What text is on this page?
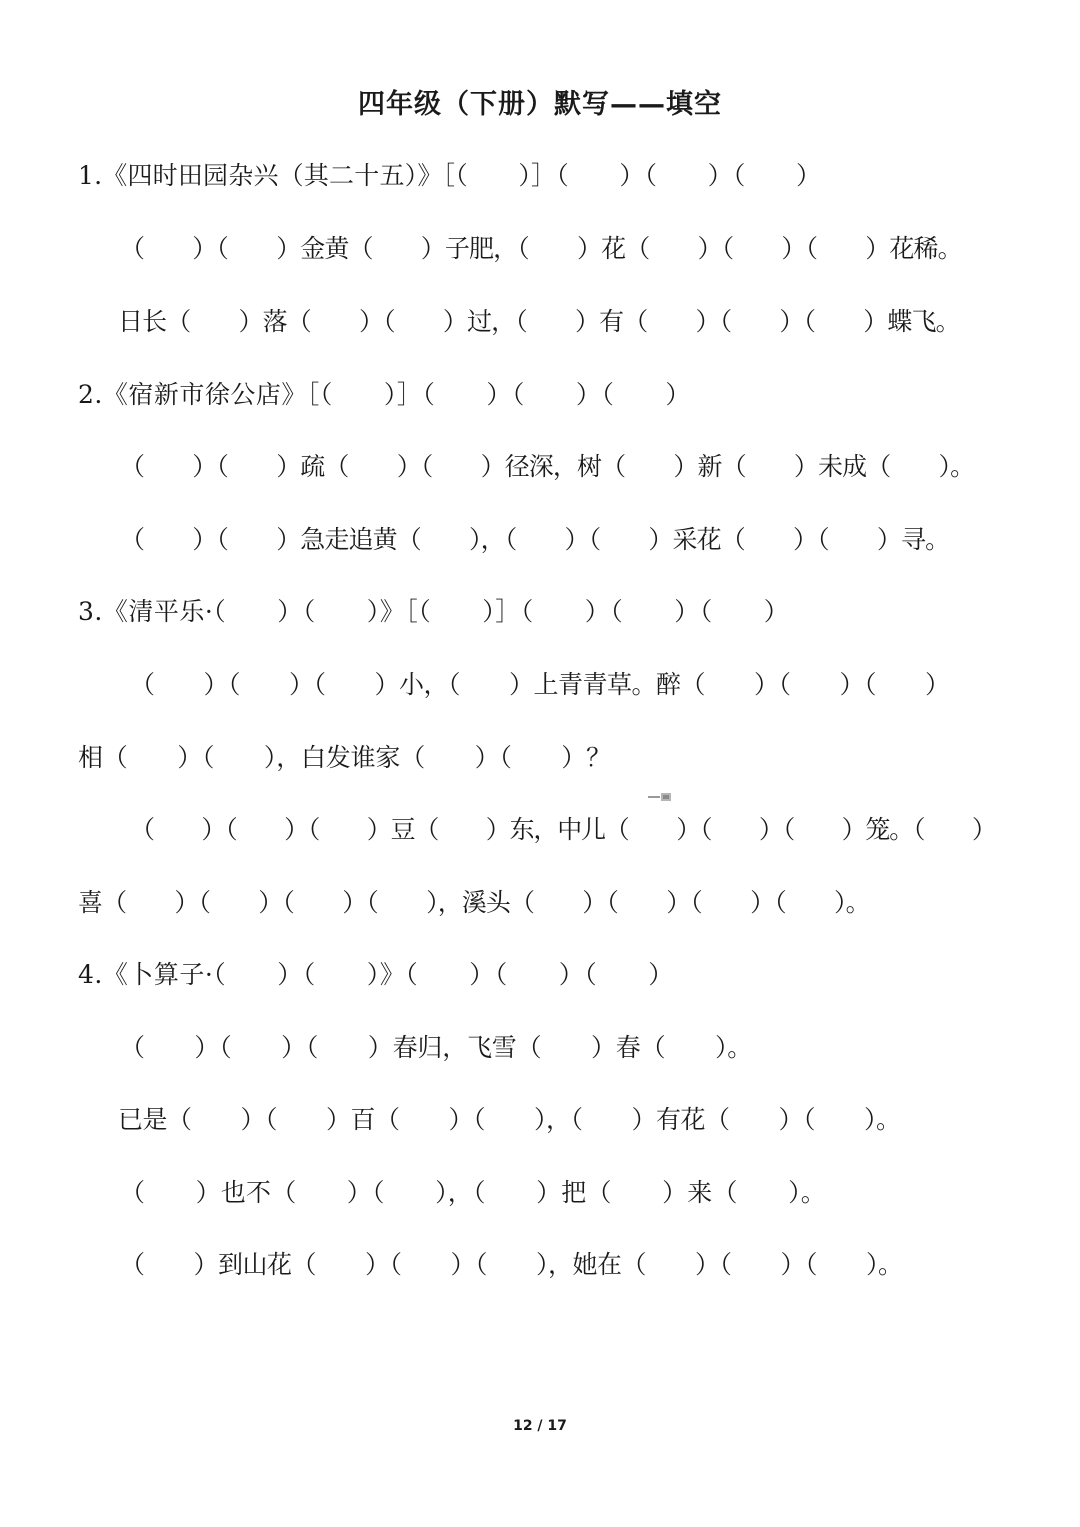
四年级（下册）默写——填空
1.《四时田园杂兴（其二十五）》［（　　）］（　　）（　　）（　　）
（　　）（　　）金黄（　　）子肥，（　　）花（　　）（　　）（　　）花稀。
日长（　　）落（　　）（　　）过，（　　）有（　　）（　　）（　　）蝶飞。
2.《宿新市徐公店》［（　　）］（　　）（　　）（　　）
（　　）（　　）疏（　　）（　　）径深，树（　　）新（　　）未成（　　）。
（　　）（　　）急走追黄（　　），（　　）（　　）采花（　　）（　　）寻。
3.《清平乐·（　　）（　　）》［（　　）］（　　）（　　）（　　）
（　　）（　　）（　　）小，（　　）上青青草。醉（　　）（　　）（　　）
相（　　）（　　），白发谁家（　　）（　　）？
（　　）（　　）（　　）豆（　　）东，中儿（　　）（　　）（　　）笼。（　　）
喜（　　）（　　）（　　）（　　），溪头（　　）（　　）（　　）（　　）。
4.《卜算子·（　　）（　　）》（　　）（　　）（　　）
（　　）（　　）（　　）春归，飞雪（　　）春（　　）。
已是（　　）（　　）百（　　）（　　），（　　）有花（　　）（　　）。
（　　）也不（　　）（　　），（　　）把（　　）来（　　）。
（　　）到山花（　　）（　　）（　　），她在（　　）（　　）（　　）。
12 / 17
